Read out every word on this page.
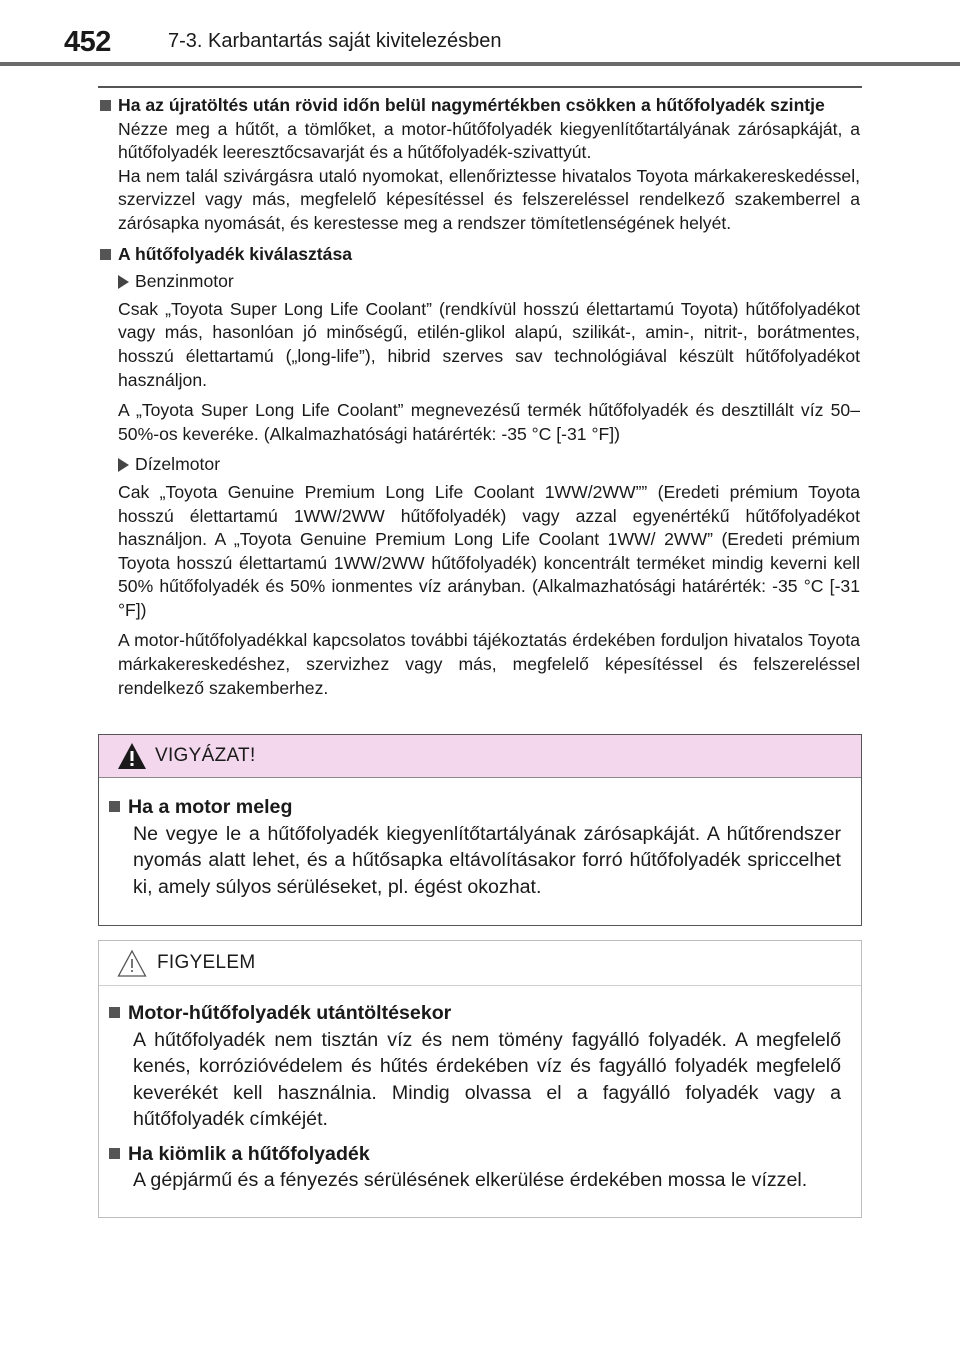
452	7-3. Karbantartás saját kivitelezésben
Ha az újratöltés után rövid időn belül nagymértékben csökken a hűtőfolyadék szintje

Nézze meg a hűtőt, a tömlőket, a motor-hűtőfolyadék kiegyenlítőtartályának zárósapkáját, a hűtőfolyadék leeresztőcsavarját és a hűtőfolyadék-szivattyút.

Ha nem talál szivárgásra utaló nyomokat, ellenőriztesse hivatalos Toyota márkakereskedéssel, szervizzel vagy más, megfelelő képesítéssel és felszereléssel rendelkező szakemberrel a zárósapka nyomását, és kerestesse meg a rendszer tömítetlenségének helyét.

A hűtőfolyadék kiválasztása
Benzinmotor

Csak „Toyota Super Long Life Coolant” (rendkívül hosszú élettartamú Toyota) hűtőfolyadékot vagy más, hasonlóan jó minőségű, etilén-glikol alapú, szilikát-, amin-, nitrit-, borátmentes, hosszú élettartamú („long-life”), hibrid szerves sav technológiával készült hűtőfolyadékot használjon.

A „Toyota Super Long Life Coolant” megnevezésű termék hűtőfolyadék és desztillált víz 50–50%-os keveréke. (Alkalmazhatósági határérték: -35 °C [-31 °F])

Dízelmotor

Cak „Toyota Genuine Premium Long Life Coolant 1WW/2WW”” (Eredeti prémium Toyota hosszú élettartamú 1WW/2WW hűtőfolyadék) vagy azzal egyenértékű hűtőfolyadékot használjon. A „Toyota Genuine Premium Long Life Coolant 1WW/ 2WW” (Eredeti prémium Toyota hosszú élettartamú 1WW/2WW hűtőfolyadék) koncentrált terméket mindig keverni kell 50% hűtőfolyadék és 50% ionmentes víz arányban. (Alkalmazhatósági határérték: -35 °C [-31 °F])

A motor-hűtőfolyadékkal kapcsolatos további tájékoztatás érdekében forduljon hivatalos Toyota márkakereskedéshez, szervizhez vagy más, megfelelő képesítéssel és felszereléssel rendelkező szakemberhez.

VIGYÁZAT!
Ha a motor meleg
Ne vegye le a hűtőfolyadék kiegyenlítőtartályának zárósapkáját. A hűtőrendszer nyomás alatt lehet, és a hűtősapka eltávolításakor forró hűtőfolyadék spriccelhet ki, amely súlyos sérüléseket, pl. égést okozhat.
FIGYELEM
Motor-hűtőfolyadék utántöltésekor
A hűtőfolyadék nem tisztán víz és nem tömény fagyálló folyadék. A megfelelő kenés, korrózióvédelem és hűtés érdekében víz és fagyálló folyadék megfelelő keverékét kell használnia. Mindig olvassa el a fagyálló folyadék vagy a hűtőfolyadék címkéjét.
Ha kiömlik a hűtőfolyadék
A gépjármű és a fényezés sérülésének elkerülése érdekében mossa le vízzel.
